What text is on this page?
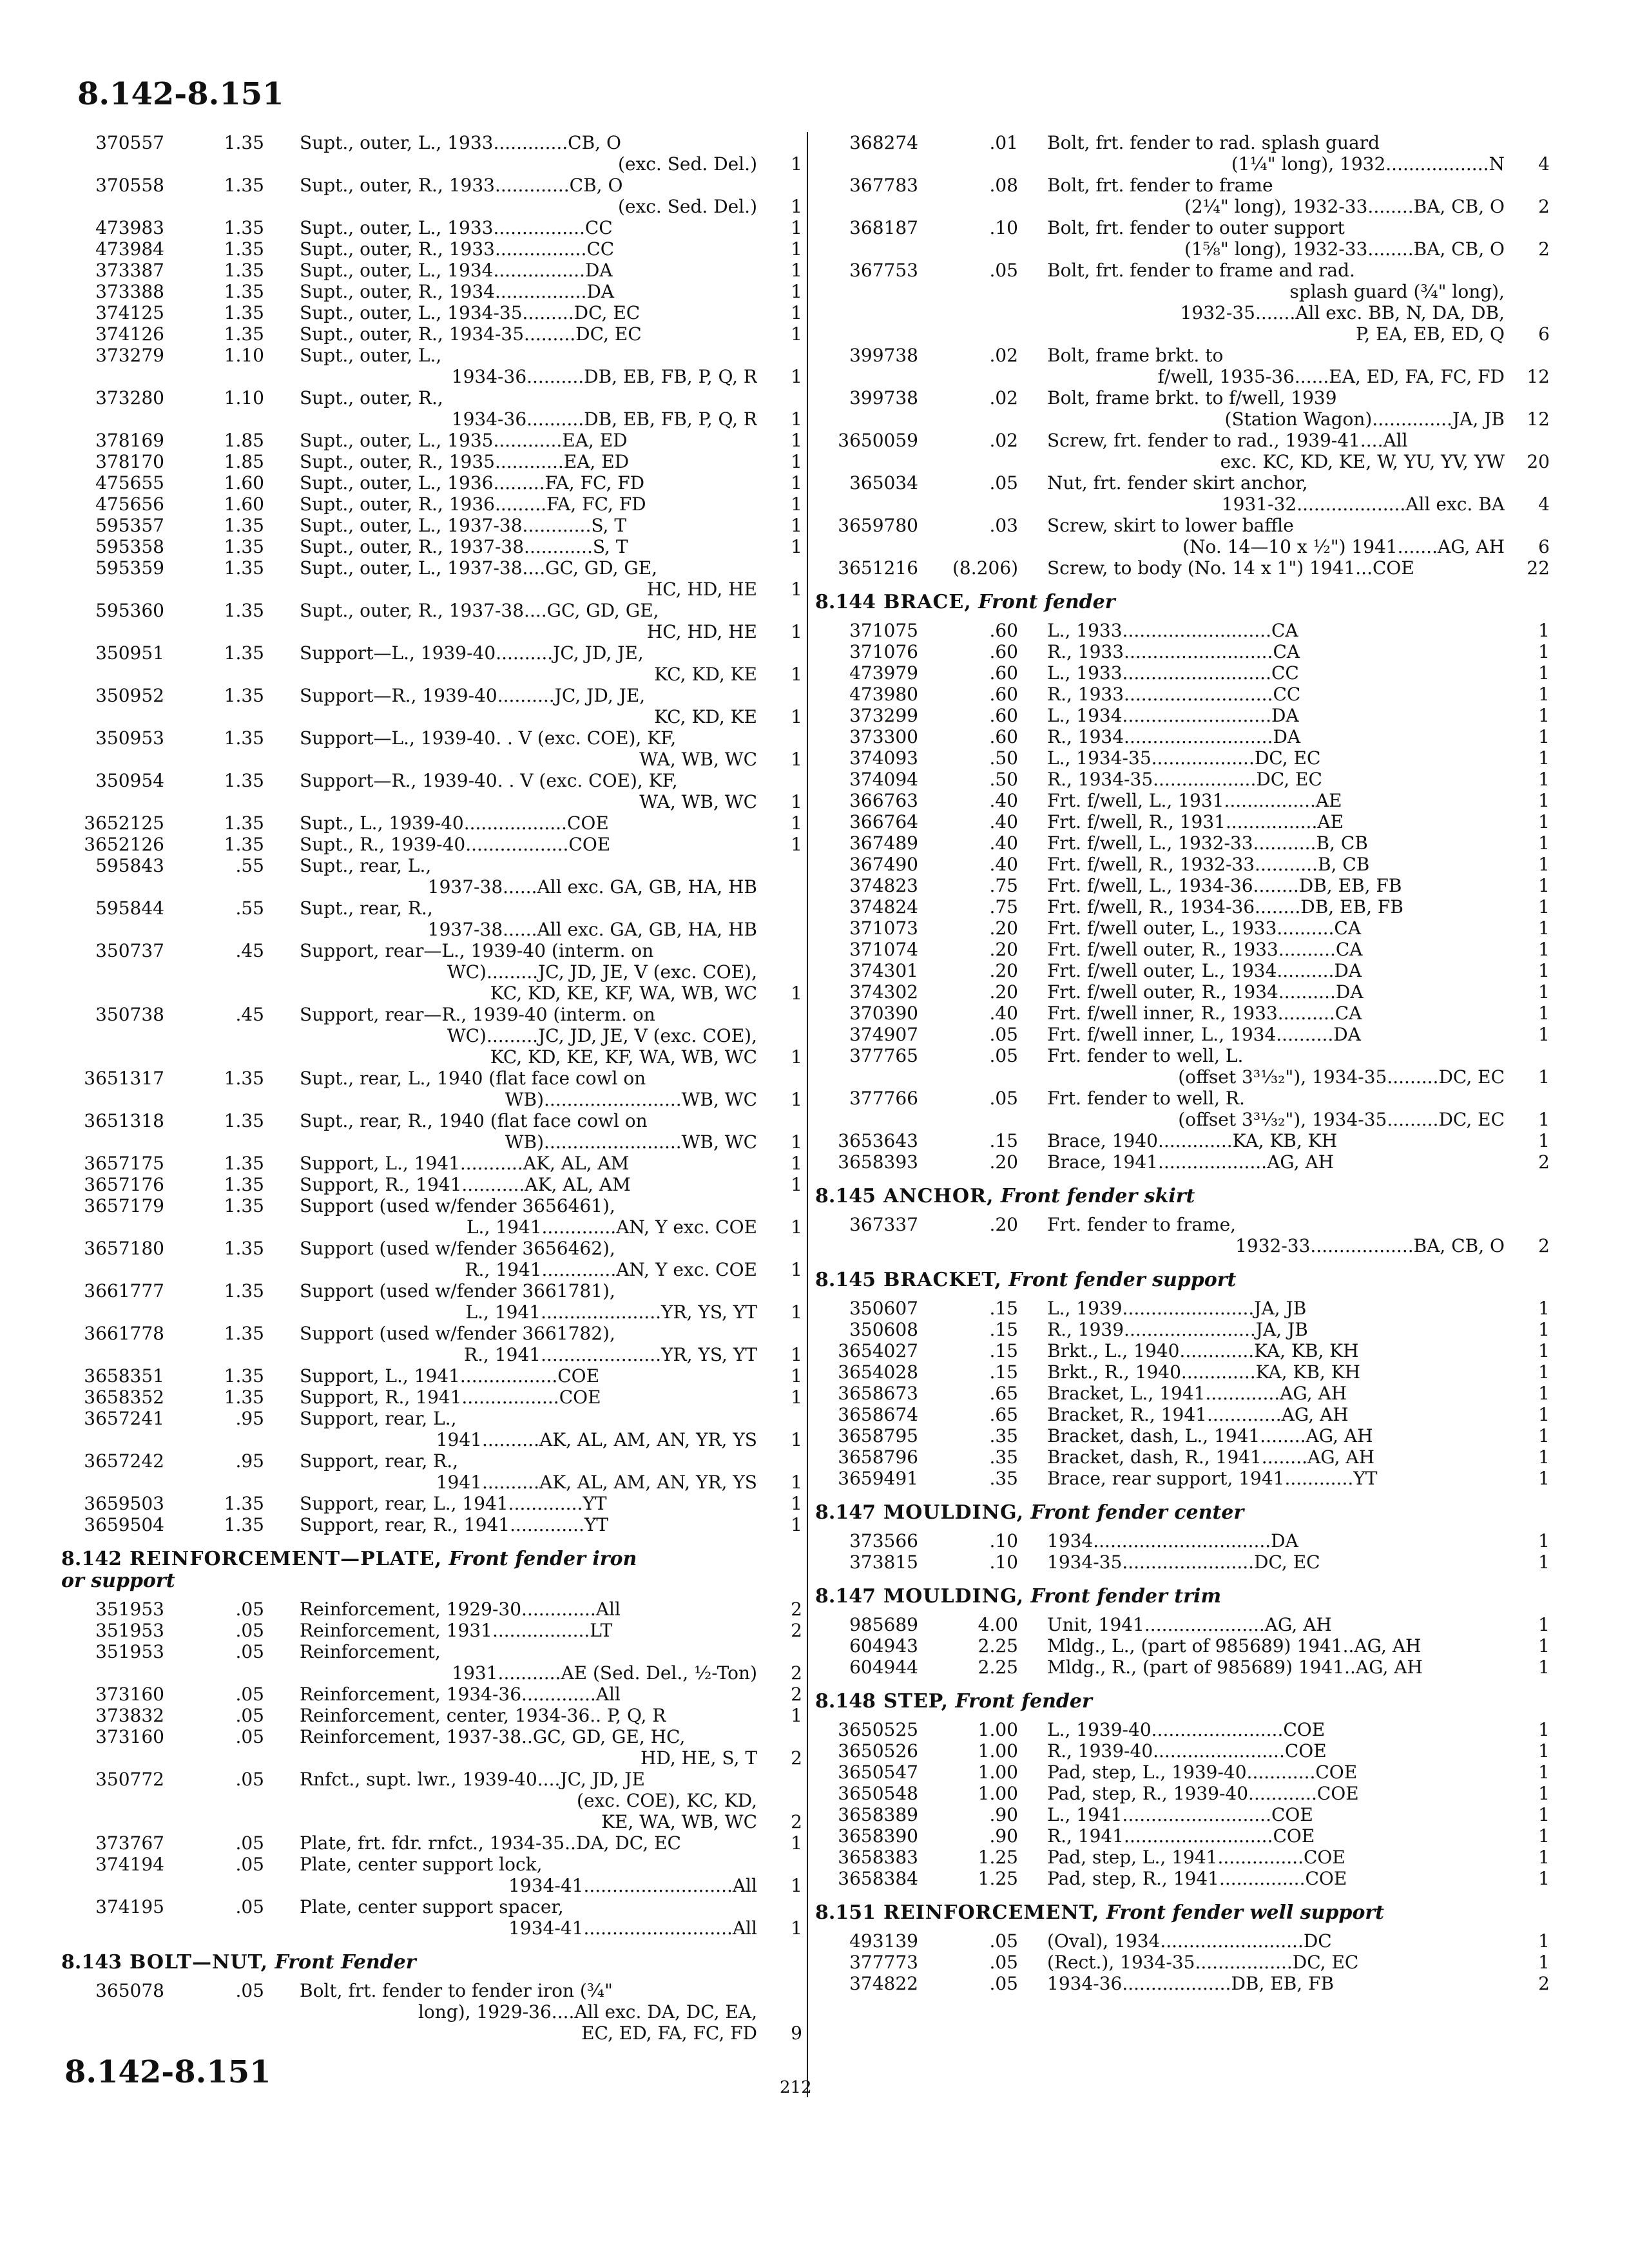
8.142-8.151
370557	1.35 Supt., outer, L., 1933.............CB, O
(exc. Sed. Del.)	1
370558	1.35 Supt., outer, R., 1933.............CB, O
(exc. Sed. Del.)	1
473983	1.35 Supt., outer, L., 1933................CC	1
473984	1.35 Supt., outer, R., 1933................CC	1
373387	1.35 Supt., outer, L., 1934................DA	1
373388	1.35 Supt., outer, R., 1934................DA	1
374125	1.35 Supt., outer, L., 1934-35.........DC, EC	1
374126	1.35 Supt., outer, R., 1934-35.........DC, EC	1
373279	1.10 Supt., outer, L.,
1934-36..........DB, EB, FB, P, Q, R	1
373280	1.10 Supt., outer, R.,
1934-36..........DB, EB, FB, P, Q, R	1
378169	1.85 Supt., outer, L., 1935............EA, ED	1
378170	1.85 Supt., outer, R., 1935............EA, ED	1
475655	1.60 Supt., outer, L., 1936.........FA, FC, FD	1
475656	1.60 Supt., outer, R., 1936.........FA, FC, FD	1
595357	1.35 Supt., outer, L., 1937-38............S, T	1
595358	1.35 Supt., outer, R., 1937-38............S, T	1
595359	1.35 Supt., outer, L., 1937-38....GC, GD, GE,
HC, HD, HE	1
595360	1.35 Supt., outer, R., 1937-38....GC, GD, GE,
HC, HD, HE	1
350951	1.35 Support—L., 1939-40..........JC, JD, JE,
KC, KD, KE	1
350952	1.35 Support—R., 1939-40..........JC, JD, JE,
KC, KD, KE	1
350953	1.35 Support—L., 1939-40. . V (exc. COE), KF,
WA, WB, WC	1
350954	1.35 Support—R., 1939-40. . V (exc. COE), KF,
WA, WB, WC	1
3652125	1.35 Supt., L., 1939-40..................COE	1
3652126	1.35 Supt., R., 1939-40..................COE	1
595843	.55 Supt., rear, L.,
1937-38......All exc. GA, GB, HA, HB
595844	.55 Supt., rear, R.,
1937-38......All exc. GA, GB, HA, HB
350737	.45 Support, rear—L., 1939-40 (interm. on
WC).........JC, JD, JE, V (exc. COE),
KC, KD, KE, KF, WA, WB, WC	1
350738	.45 Support, rear—R., 1939-40 (interm. on
WC).........JC, JD, JE, V (exc. COE),
KC, KD, KE, KF, WA, WB, WC	1
3651317	1.35 Supt., rear, L., 1940 (flat face cowl on
WB)........................WB, WC	1
3651318	1.35 Supt., rear, R., 1940 (flat face cowl on
WB)........................WB, WC	1
3657175	1.35 Support, L., 1941...........AK, AL, AM	1
3657176	1.35 Support, R., 1941...........AK, AL, AM	1
3657179	1.35 Support (used w/fender 3656461),
L., 1941.............AN, Y exc. COE	1
3657180	1.35 Support (used w/fender 3656462),
R., 1941.............AN, Y exc. COE	1
3661777	1.35 Support (used w/fender 3661781),
L., 1941.....................YR, YS, YT	1
3661778	1.35 Support (used w/fender 3661782),
R., 1941.....................YR, YS, YT	1
3658351	1.35 Support, L., 1941.................COE	1
3658352	1.35 Support, R., 1941.................COE	1
3657241	.95 Support, rear, L.,
1941..........AK, AL, AM, AN, YR, YS	1
3657242	.95 Support, rear, R.,
1941..........AK, AL, AM, AN, YR, YS	1
3659503	1.35 Support, rear, L., 1941.............YT	1
3659504	1.35 Support, rear, R., 1941.............YT	1
8.142 REINFORCEMENT—PLATE, Front fender iron
or support
351953	.05 Reinforcement, 1929-30.............All	2
351953	.05 Reinforcement, 1931.................LT	2
351953	.05 Reinforcement,
1931...........AE (Sed. Del., ½-Ton)	2
373160	.05 Reinforcement, 1934-36.............All	2
373832	.05 Reinforcement, center, 1934-36.. P, Q, R	1
373160	.05 Reinforcement, 1937-38..GC, GD, GE, HC,
HD, HE, S, T	2
350772	.05 Rnfct., supt. lwr., 1939-40....JC, JD, JE
(exc. COE), KC, KD,
KE, WA, WB, WC	2
373767	.05 Plate, frt. fdr. rnfct., 1934-35..DA, DC, EC	1
374194	.05 Plate, center support lock,
1934-41..........................All	1
374195	.05 Plate, center support spacer,
1934-41..........................All	1
8.143 BOLT—NUT, Front Fender
365078	.05 Bolt, frt. fender to fender iron (¾"
long), 1929-36....All exc. DA, DC, EA,
EC, ED, FA, FC, FD	9
368274	.01 Bolt, frt. fender to rad. splash guard
(1¼" long), 1932..................N	4
367783	.08 Bolt, frt. fender to frame
(2¼" long), 1932-33........BA, CB, O	2
368187	.10 Bolt, frt. fender to outer support
(1⅝" long), 1932-33........BA, CB, O	2
367753	.05 Bolt, frt. fender to frame and rad.
splash guard (¾" long),
1932-35.......All exc. BB, N, DA, DB,
P, EA, EB, ED, Q	6
399738	.02 Bolt, frame brkt. to
f/well, 1935-36......EA, ED, FA, FC, FD 12
399738	.02 Bolt, frame brkt. to f/well, 1939
(Station Wagon)..............JA, JB 12
3650059	.02 Screw, frt. fender to rad., 1939-41....All
exc. KC, KD, KE, W, YU, YV, YW 20
365034	.05 Nut, frt. fender skirt anchor,
1931-32...................All exc. BA	4
3659780	.03 Screw, skirt to lower baffle
(No. 14—10 x ½") 1941.......AG, AH	6
3651216	(8.206) Screw, to body (No. 14 x 1") 1941...COE	22
8.144 BRACE, Front fender
371075	.60 L., 1933..........................CA	1
371076	.60 R., 1933..........................CA	1
473979	.60 L., 1933..........................CC	1
473980	.60 R., 1933..........................CC	1
373299	.60 L., 1934..........................DA	1
373300	.60 R., 1934..........................DA	1
374093	.50 L., 1934-35..................DC, EC	1
374094	.50 R., 1934-35..................DC, EC	1
366763	.40 Frt. f/well, L., 1931................AE	1
366764	.40 Frt. f/well, R., 1931................AE	1
367489	.40 Frt. f/well, L., 1932-33...........B, CB	1
367490	.40 Frt. f/well, R., 1932-33...........B, CB	1
374823	.75 Frt. f/well, L., 1934-36........DB, EB, FB	1
374824	.75 Frt. f/well, R., 1934-36........DB, EB, FB	1
371073	.20 Frt. f/well outer, L., 1933..........CA	1
371074	.20 Frt. f/well outer, R., 1933..........CA	1
374301	.20 Frt. f/well outer, L., 1934..........DA	1
374302	.20 Frt. f/well outer, R., 1934..........DA	1
370390	.40 Frt. f/well inner, R., 1933..........CA	1
374907	.05 Frt. f/well inner, L., 1934..........DA	1
377765	.05 Frt. fender to well, L.
(offset 3³¹⁄₃₂"), 1934-35.........DC, EC	1
377766	.05 Frt. fender to well, R.
(offset 3³¹⁄₃₂"), 1934-35.........DC, EC	1
3653643	.15 Brace, 1940.............KA, KB, KH	1
3658393	.20 Brace, 1941...................AG, AH	2
8.145 ANCHOR, Front fender skirt
367337	.20 Frt. fender to frame,
1932-33..................BA, CB, O	2
8.145 BRACKET, Front fender support
350607	.15 L., 1939.......................JA, JB	1
350608	.15 R., 1939.......................JA, JB	1
3654027	.15 Brkt., L., 1940.............KA, KB, KH	1
3654028	.15 Brkt., R., 1940.............KA, KB, KH	1
3658673	.65 Bracket, L., 1941.............AG, AH	1
3658674	.65 Bracket, R., 1941.............AG, AH	1
3658795	.35 Bracket, dash, L., 1941........AG, AH	1
3658796	.35 Bracket, dash, R., 1941........AG, AH	1
3659491	.35 Brace, rear support, 1941............YT	1
8.147 MOULDING, Front fender center
373566	.10 1934...............................DA	1
373815	.10 1934-35.......................DC, EC	1
8.147 MOULDING, Front fender trim
985689	4.00 Unit, 1941.....................AG, AH	1
604943	2.25 Mldg., L., (part of 985689) 1941..AG, AH	1
604944	2.25 Mldg., R., (part of 985689) 1941..AG, AH	1
8.148 STEP, Front fender
3650525	1.00 L., 1939-40.......................COE	1
3650526	1.00 R., 1939-40.......................COE	1
3650547	1.00 Pad, step, L., 1939-40............COE	1
3650548	1.00 Pad, step, R., 1939-40............COE	1
3658389	.90 L., 1941..........................COE	1
3658390	.90 R., 1941..........................COE	1
3658383	1.25 Pad, step, L., 1941...............COE	1
3658384	1.25 Pad, step, R., 1941...............COE	1
8.151 REINFORCEMENT, Front fender well support
493139	.05 (Oval), 1934.........................DC	1
377773	.05 (Rect.), 1934-35.................DC, EC	1
374822	.05 1934-36...................DB, EB, FB	2
8.142-8.151	212
